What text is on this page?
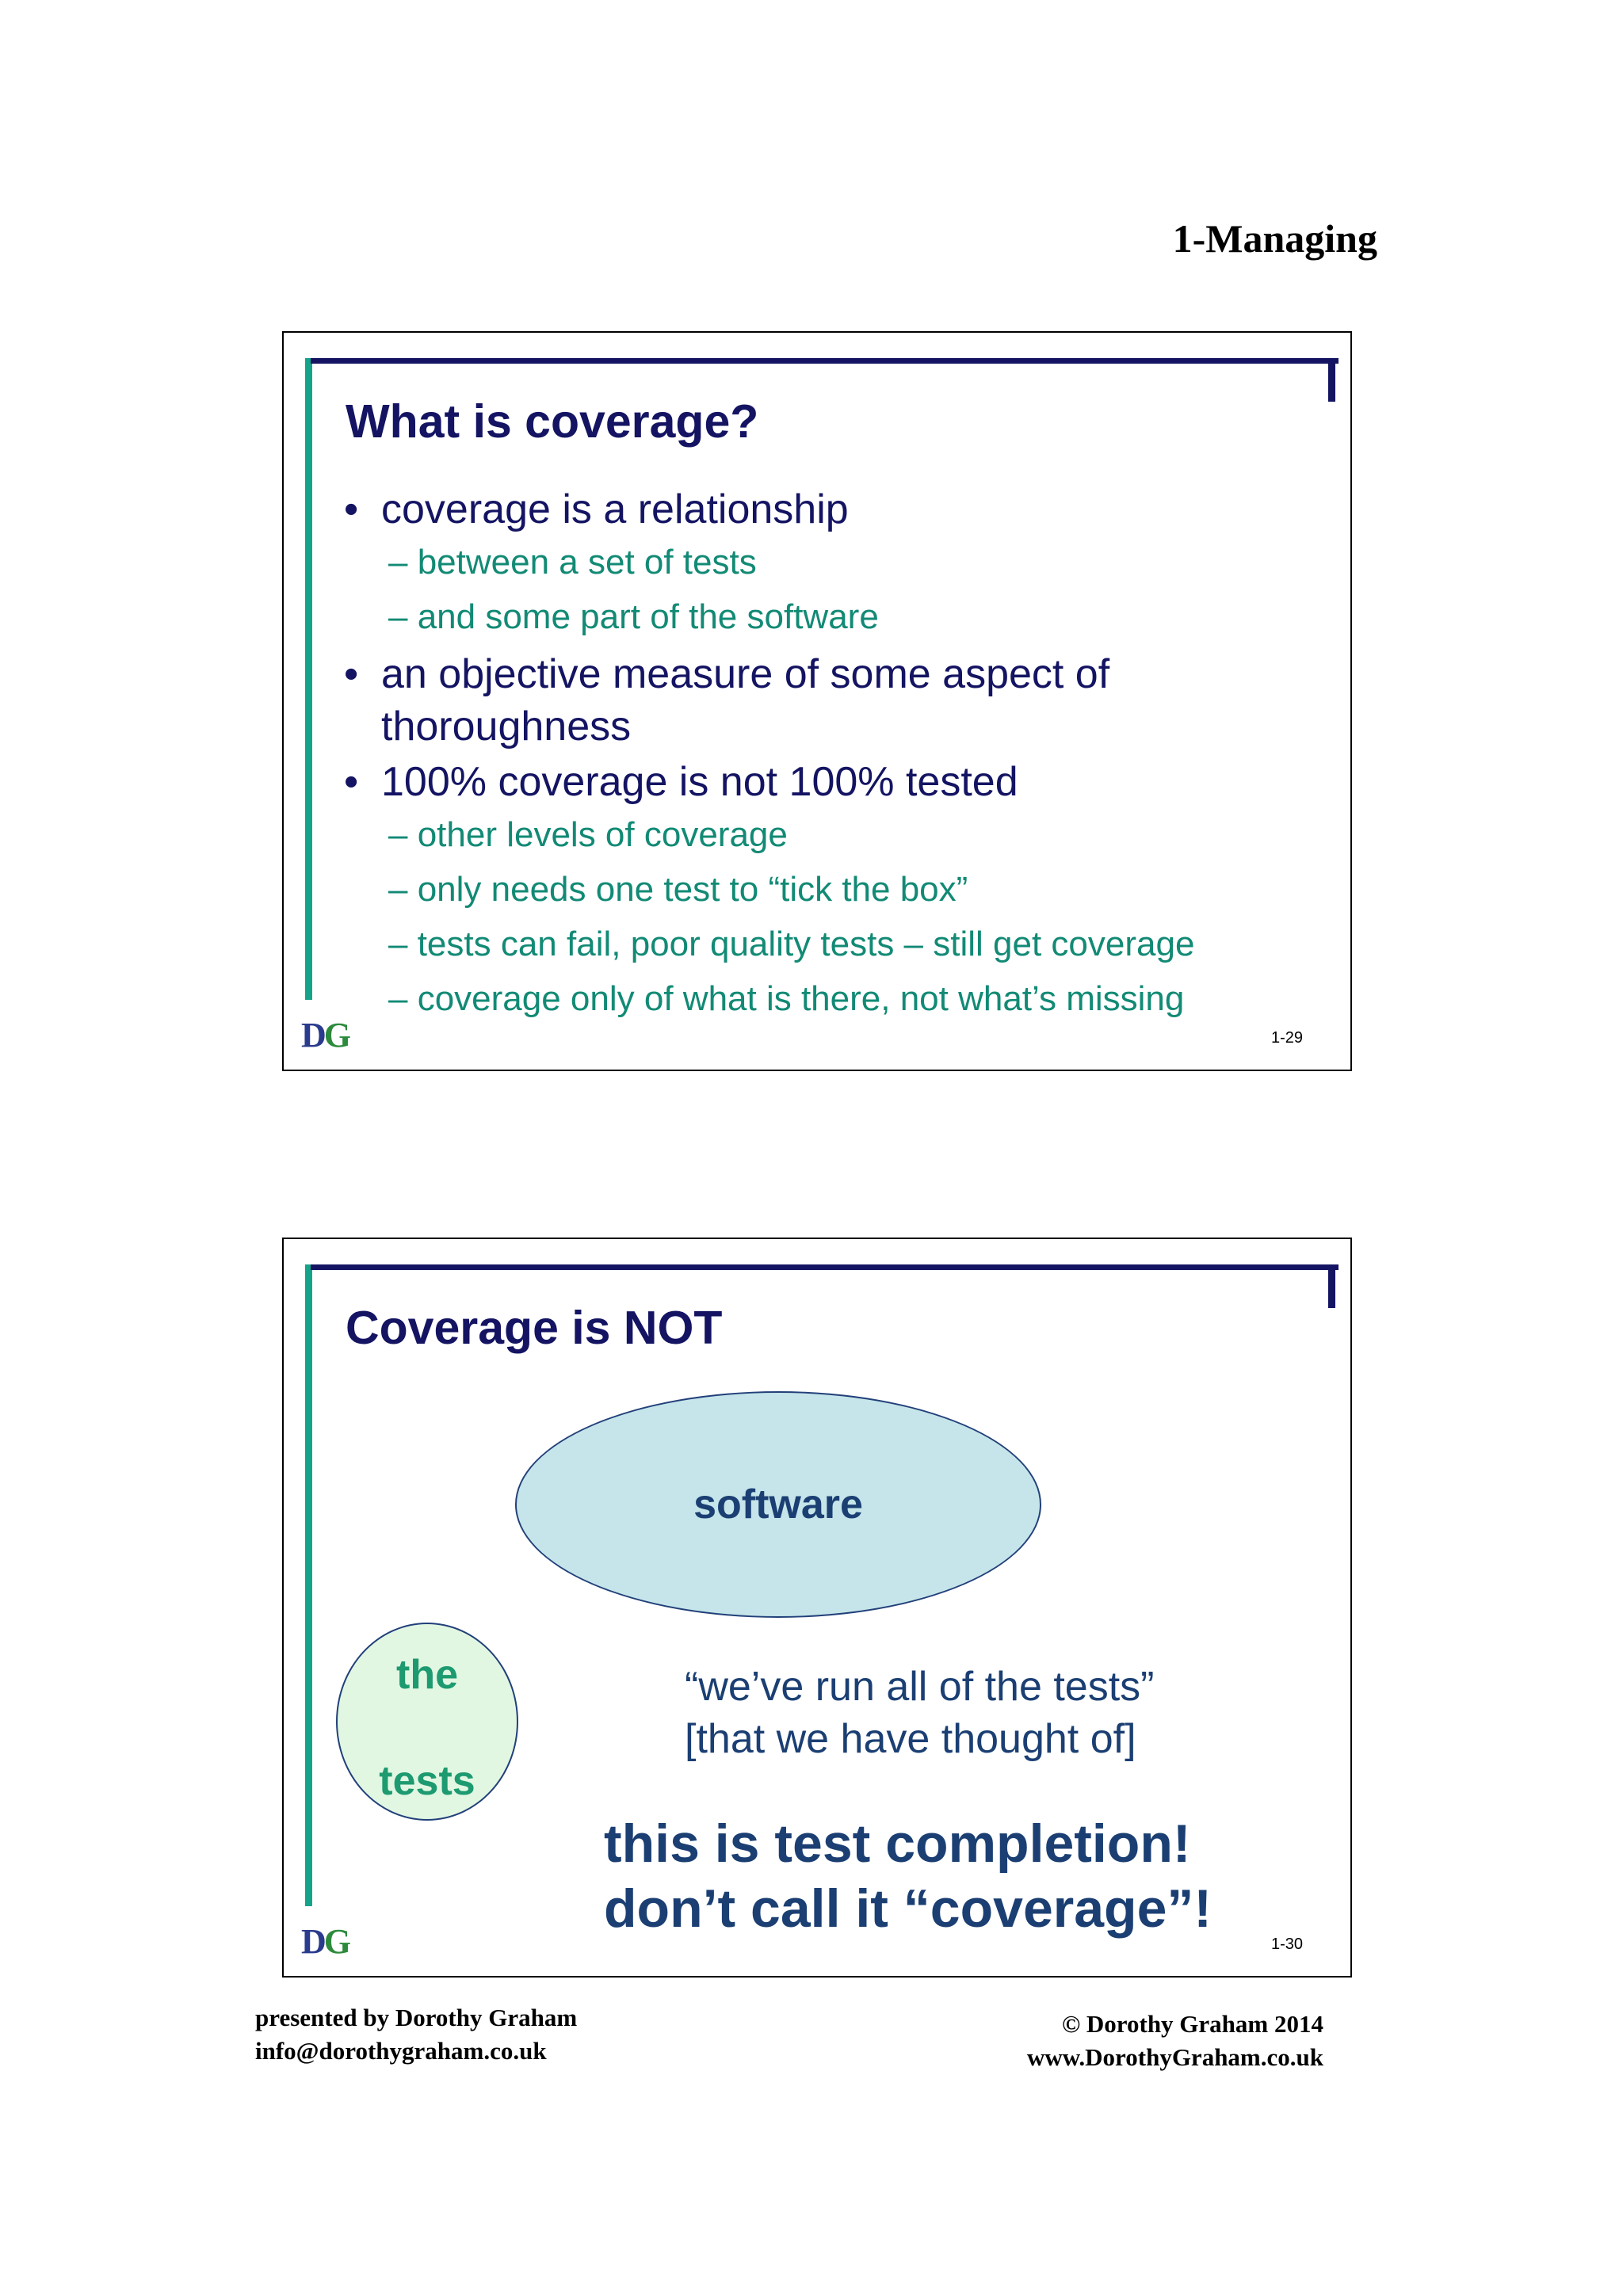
1-Managing
What is coverage?
• coverage is a relationship
– between a set of tests
– and some part of the software
• an objective measure of some aspect of thoroughness
• 100% coverage is not 100% tested
– other levels of coverage
– only needs one test to “tick the box”
– tests can fail, poor quality tests – still get coverage
– coverage only of what is there, not what’s missing
DG	1-29
Coverage is NOT
software
the
tests
“we’ve run all of the tests”
[that we have thought of]
this is test completion!
don’t call it “coverage”!
DG	1-30
presented by Dorothy Graham
info@dorothygraham.co.uk
© Dorothy Graham 2014
www.DorothyGraham.co.uk
